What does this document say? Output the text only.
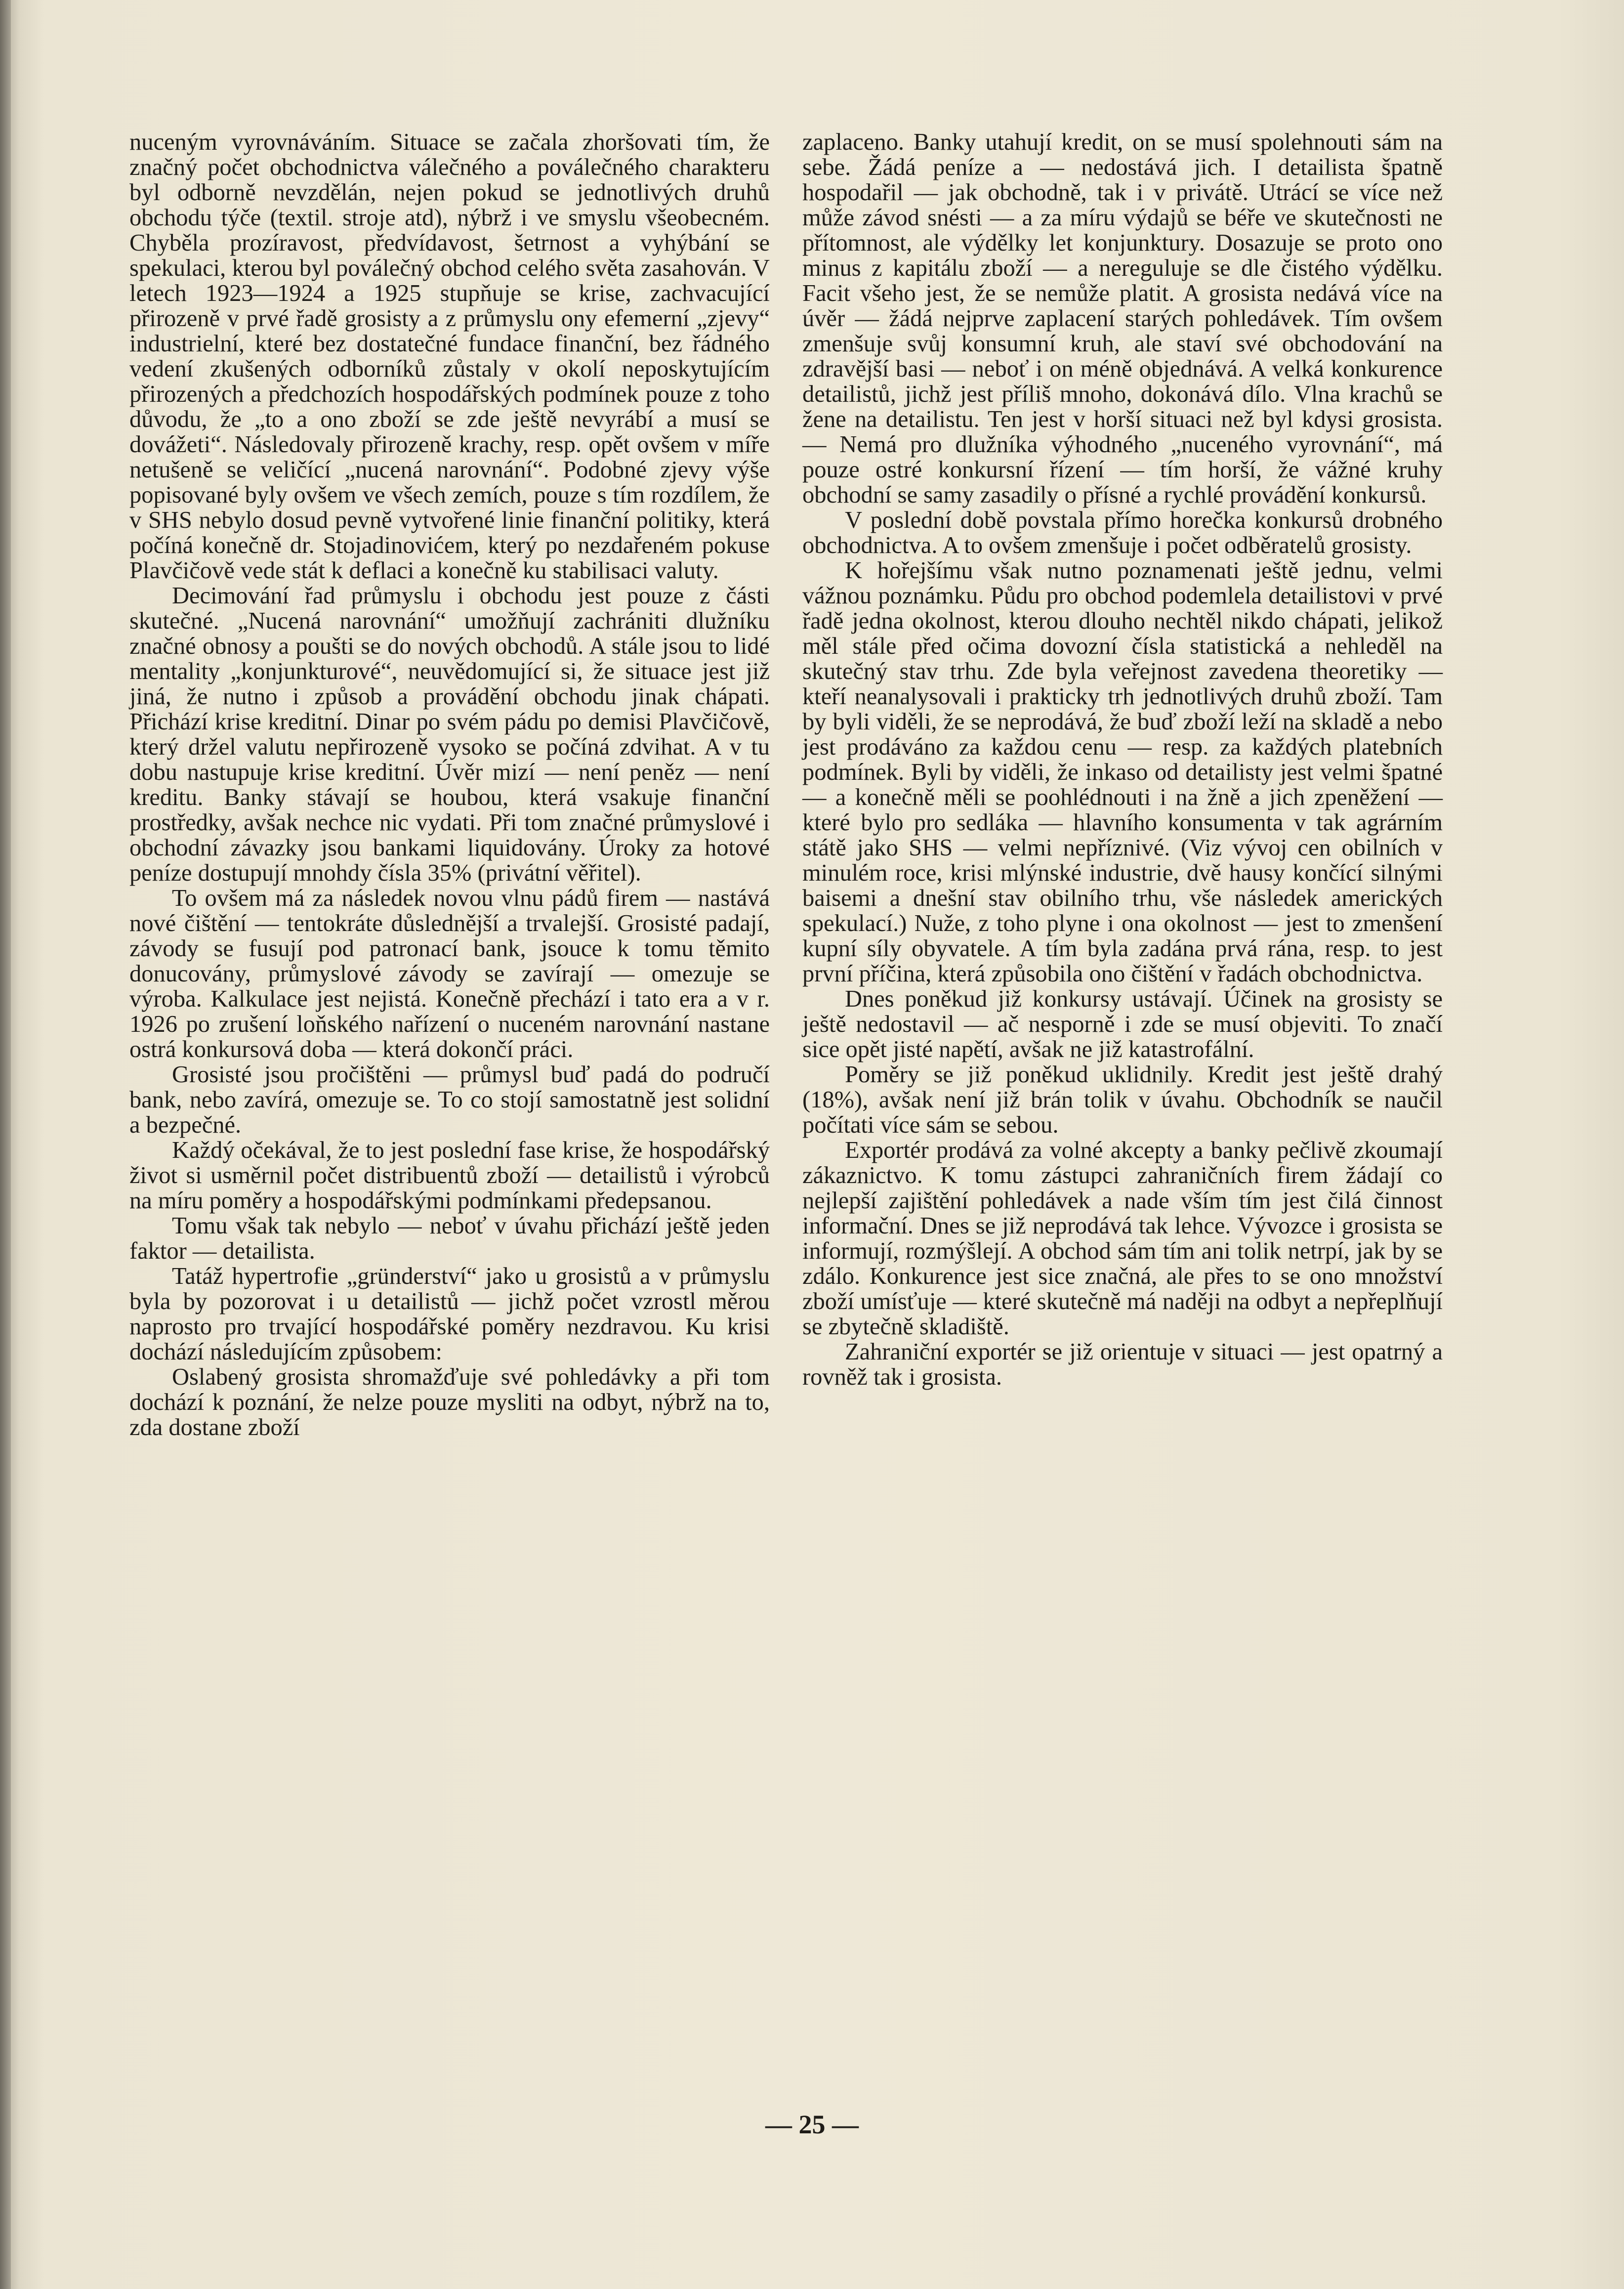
nuceným vyrovnáváním. Situace se začala zhoršovati tím, že značný počet obchodnictva válečného a poválečného charakteru byl odborně nevzdělán, nejen pokud se jednotlivých druhů obchodu týče (textil. stroje atd), nýbrž i ve smyslu všeobecném. Chyběla prozíravost, předvídavost, šetrnost a vyhýbání se spekulaci, kterou byl poválečný obchod celého světa zasahován. V letech 1923—1924 a 1925 stupňuje se krise, zachvacující přirozeně v prvé řadě grosisty a z průmyslu ony efemerní „zjevy“ industrielní, které bez dostatečné fundace finanční, bez řádného vedení zkušených odborníků zůstaly v okolí neposkytujícím přirozených a předchozích hospodářských podmínek pouze z toho důvodu, že „to a ono zboží se zde ještě nevyrábí a musí se dovážeti“. Následovaly přirozeně krachy, resp. opět ovšem v míře netušeně se veličící „nucená narovnání“. Podobné zjevy výše popisované byly ovšem ve všech zemích, pouze s tím rozdílem, že v SHS nebylo dosud pevně vytvořené linie finanční politiky, která počíná konečně dr. Stojadinovićem, který po nezdařeném pokuse Plavčičově vede stát k deflaci a konečně ku stabilisaci valuty.

Decimování řad průmyslu i obchodu jest pouze z části skutečné. „Nucená narovnání“ umožňují zachrániti dlužníku značné obnosy a poušti se do nových obchodů. A stále jsou to lidé mentality „konjunkturové“, neuvědomující si, že situace jest již jiná, že nutno i způsob a provádění obchodu jinak chápati. Přichází krise kreditní. Dinar po svém pádu po demisi Plavčičově, který držel valutu nepřirozeně vysoko se počíná zdvihat. A v tu dobu nastupuje krise kreditní. Úvěr mizí — není peněz — není kreditu. Banky stávají se houbou, která vsakuje finanční prostředky, avšak nechce nic vydati. Při tom značné průmyslové i obchodní závazky jsou bankami liquidovány. Úroky za hotové peníze dostupují mnohdy čísla 35% (privátní věřitel).

To ovšem má za následek novou vlnu pádů firem — nastává nové čištění — tentokráte důslednější a trvalejší. Grosisté padají, závody se fusují pod patronací bank, jsouce k tomu těmito donucovány, průmyslové závody se zavírají — omezuje se výroba. Kalkulace jest nejistá. Konečně přechází i tato era a v r. 1926 po zrušení loňského nařízení o nuceném narovnání nastane ostrá konkursová doba — která dokončí práci.

Grosisté jsou pročištěni — průmysl buď padá do područí bank, nebo zavírá, omezuje se. To co stojí samostatně jest solidní a bezpečné.

Každý očekával, že to jest poslední fase krise, že hospodářský život si usměrnil počet distribuentů zboží — detailistů i výrobců na míru poměry a hospodářskými podmínkami předepsanou.

Tomu však tak nebylo — neboť v úvahu přichází ještě jeden faktor — detailista.

Tatáž hypertrofie „gründerství“ jako u grosistů a v průmyslu byla by pozorovat i u detailistů — jichž počet vzrostl měrou naprosto pro trvající hospodářské poměry nezdravou. Ku krisi dochází následujícím způsobem:

Oslabený grosista shromažďuje své pohledávky a při tom dochází k poznání, že nelze pouze mysliti na odbyt, nýbrž na to, zda dostane zboží

zaplaceno. Banky utahují kredit, on se musí spolehnouti sám na sebe. Žádá peníze a — nedostává jich. I detailista špatně hospodařil — jak obchodně, tak i v privátě. Utrácí se více než může závod snésti — a za míru výdajů se béře ve skutečnosti ne přítomnost, ale výdělky let konjunktury. Dosazuje se proto ono minus z kapitálu zboží — a nereguluje se dle čistého výdělku. Facit všeho jest, že se nemůže platit. A grosista nedává více na úvěr — žádá nejprve zaplacení starých pohledávek. Tím ovšem zmenšuje svůj konsumní kruh, ale staví své obchodování na zdravější basi — neboť i on méně objednává. A velká konkurence detailistů, jichž jest příliš mnoho, dokonává dílo. Vlna krachů se žene na detailistu. Ten jest v horší situaci než byl kdysi grosista. — Nemá pro dlužníka výhodného „nuceného vyrovnání“, má pouze ostré konkursní řízení — tím horší, že vážné kruhy obchodní se samy zasadily o přísné a rychlé provádění konkursů.

V poslední době povstala přímo horečka konkursů drobného obchodnictva. A to ovšem zmenšuje i počet odběratelů grosisty.

K hořejšímu však nutno poznamenati ještě jednu, velmi vážnou poznámku. Půdu pro obchod podemlela detailistovi v prvé řadě jedna okolnost, kterou dlouho nechtěl nikdo chápati, jelikož měl stále před očima dovozní čísla statistická a nehleděl na skutečný stav trhu. Zde byla veřejnost zavedena theoretiky — kteří neanalysovali i prakticky trh jednotlivých druhů zboží. Tam by byli viděli, že se neprodává, že buď zboží leží na skladě a nebo jest prodáváno za každou cenu — resp. za každých platebních podmínek. Byli by viděli, že inkaso od detailisty jest velmi špatné — a konečně měli se poohlédnouti i na žně a jich zpeněžení — které bylo pro sedláka — hlavního konsumenta v tak agrárním státě jako SHS — velmi nepříznivé. (Viz vývoj cen obilních v minulém roce, krisi mlýnské industrie, dvě hausy končící silnými baisemi a dnešní stav obilního trhu, vše následek amerických spekulací.) Nuže, z toho plyne i ona okolnost — jest to zmenšení kupní síly obyvatele. A tím byla zadána prvá rána, resp. to jest první příčina, která způsobila ono čištění v řadách obchodnictva.

Dnes poněkud již konkursy ustávají. Účinek na grosisty se ještě nedostavil — ač nesporně i zde se musí objeviti. To značí sice opět jisté napětí, avšak ne již katastrofální.

Poměry se již poněkud uklidnily. Kredit jest ještě drahý (18%), avšak není již brán tolik v úvahu. Obchodník se naučil počítati více sám se sebou.

Exportér prodává za volné akcepty a banky pečlivě zkoumají zákaznictvo. K tomu zástupci zahraničních firem žádají co nejlepší zajištění pohledávek a nade vším tím jest čilá činnost informační. Dnes se již neprodává tak lehce. Vývozce i grosista se informují, rozmýšlejí. A obchod sám tím ani tolik netrpí, jak by se zdálo. Konkurence jest sice značná, ale přes to se ono množství zboží umísťuje — které skutečně má naději na odbyt a nepřeplňují se zbytečně skladiště.

Zahraniční exportér se již orientuje v situaci — jest opatrný a rovněž tak i grosista.

— 25 —
